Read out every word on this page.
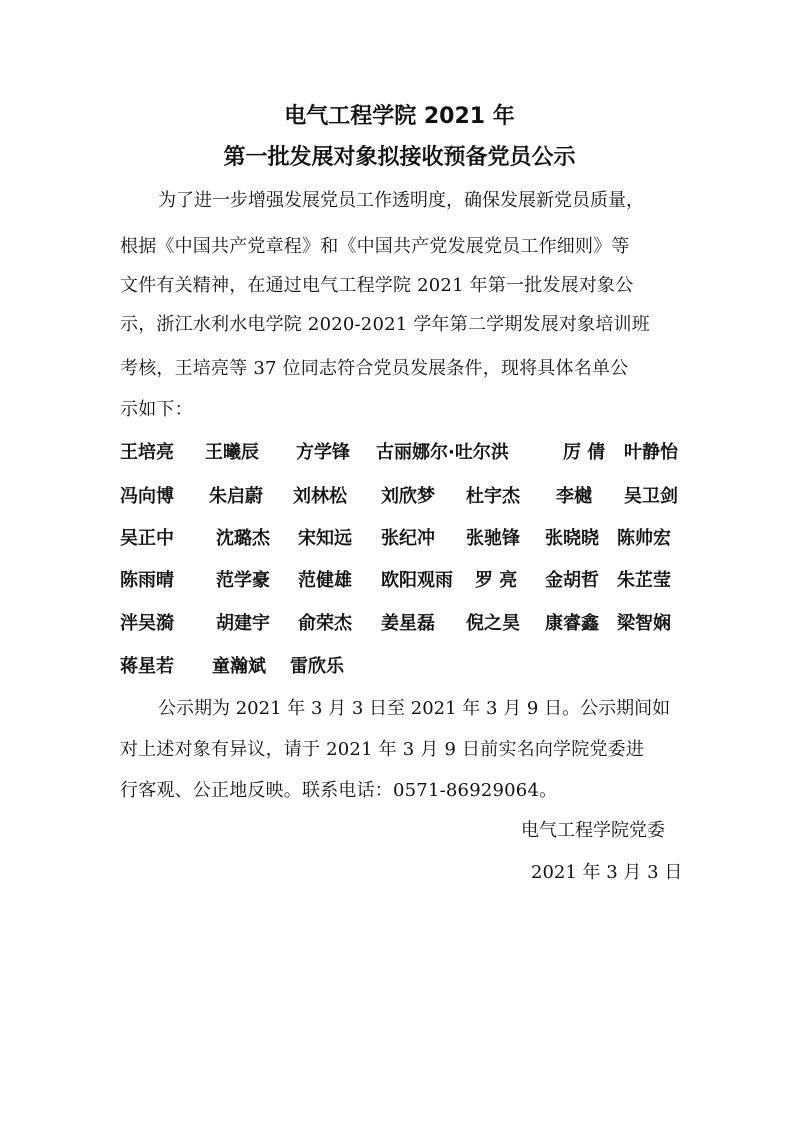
电气工程学院 2021 年
第一批发展对象拟接收预备党员公示
为了进一步增强发展党员工作透明度，确保发展新党员质量，
根据《中国共产党章程》和《中国共产党发展党员工作细则》等
文件有关精神，在通过电气工程学院 2021 年第一批发展对象公
示，浙江水利水电学院 2020-2021 学年第二学期发展对象培训班
考核，王培亮等 37 位同志符合党员发展条件，现将具体名单公
示如下：
王培亮 王曦辰 方学锋 古丽娜尔·吐尔洪	厉 倩 叶静怡
冯向博 朱启蔚 刘林松 刘欣梦 杜宇杰 李樾 吴卫剑
吴正中 沈璐杰 宋知远 张纪冲 张驰锋 张晓晓 陈帅宏
陈雨晴 范学豪 范健雄 欧阳观雨 罗 亮 金胡哲 朱芷莹
泮吴漪 胡建宇 俞荣杰 姜星磊 倪之昊 康睿鑫 梁智娴
蒋星若 童瀚斌 雷欣乐
公示期为 2021 年 3 月 3 日至 2021 年 3 月 9 日。公示期间如
对上述对象有异议，请于 2021 年 3 月 9 日前实名向学院党委进
行客观、公正地反映。联系电话：0571-86929064。
电气工程学院党委
2021 年 3 月 3 日
